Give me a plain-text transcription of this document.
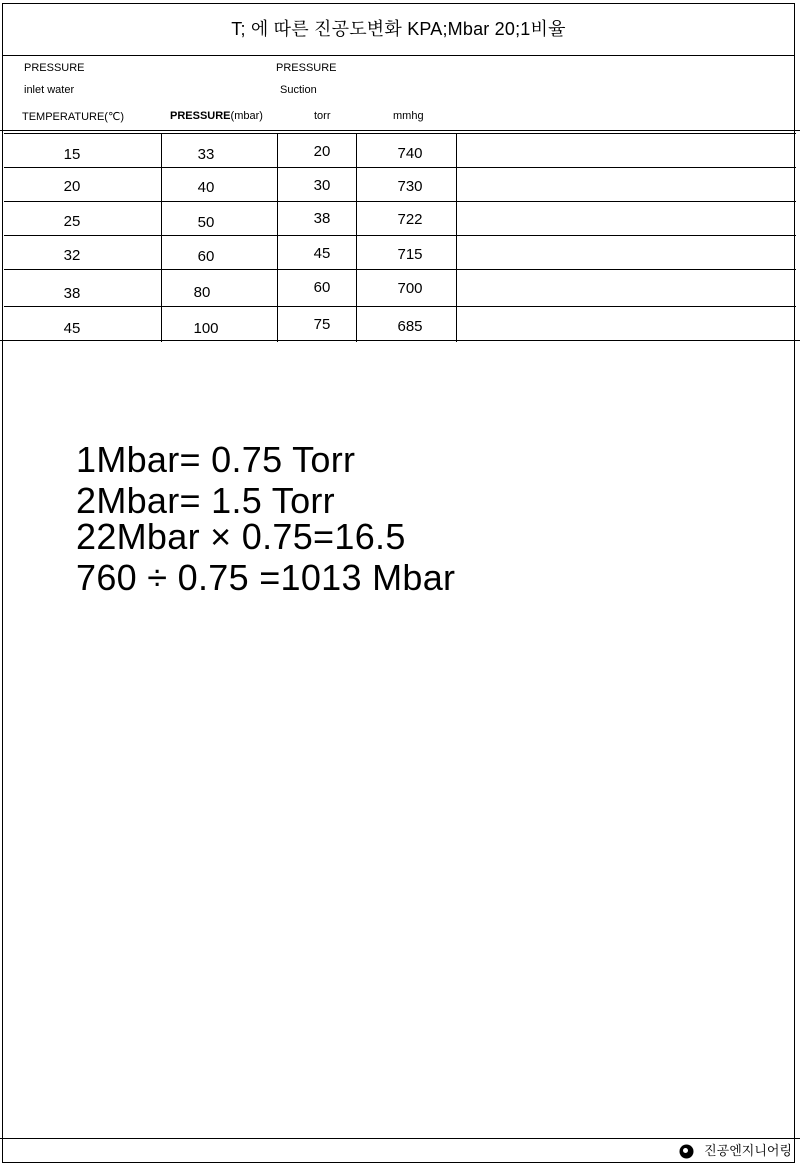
T; 에 따른 진공도변화 KPA;Mbar 20;1비율
PRESSURE
inlet water
TEMPERATURE(℃)	PRESSURE(mbar)
PRESSURE
Suction
torr	mmhg
15	33	20	740
20	40	30	730
25	50	38	722
32	60	45	715
38	80	60	700
45	100	75	685
1Mbar= 0.75 Torr
2Mbar= 1.5 Torr
22Mbar × 0.75=16.5
760 ÷ 0.75 =1013 Mbar
진공엔지니어링
